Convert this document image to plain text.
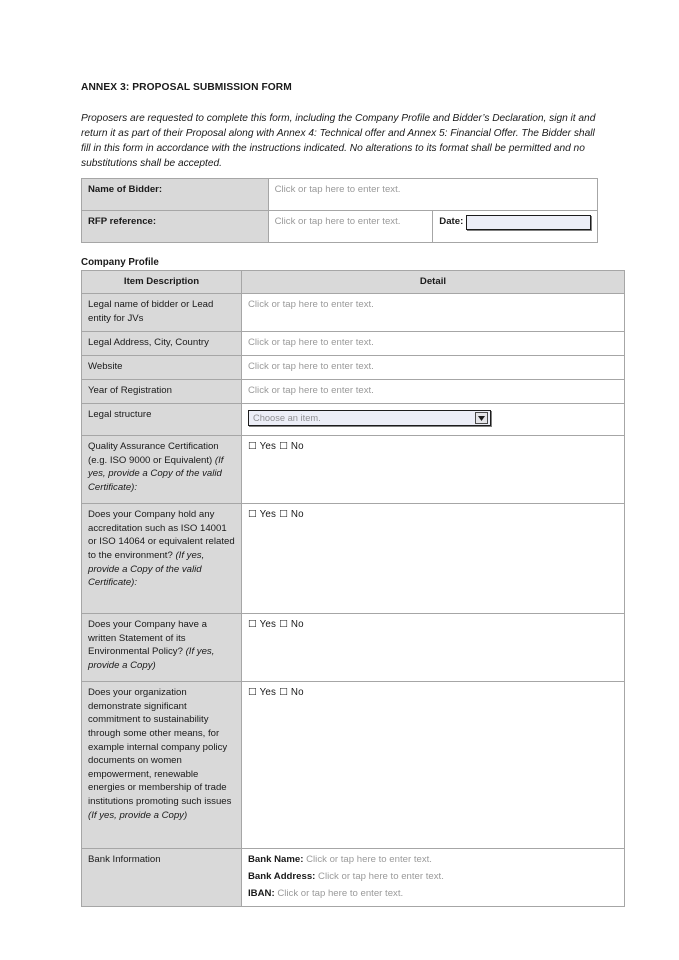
ANNEX 3: PROPOSAL SUBMISSION FORM

Proposers are requested to complete this form, including the Company Profile and Bidder’s Declaration, sign it and return it as part of their Proposal along with Annex 4: Technical offer and Annex 5: Financial Offer. The Bidder shall fill in this form in accordance with the instructions indicated. No alterations to its format shall be permitted and no substitutions shall be accepted.

Name of Bidder:	Click or tap here to enter text.	
RFP reference:	Click or tap here to enter text.	Date:
Company Profile
Item Description	Detail
Legal name of bidder or Lead entity for JVs	Click or tap here to enter text.
Legal Address, City, Country	Click or tap here to enter text.
Website	Click or tap here to enter text.
Year of Registration	Click or tap here to enter text.
Legal structure	Choose an item.

Quality Assurance Certification (e.g. ISO 9000 or Equivalent) (If yes, provide a Copy of the valid Certificate):	☐ Yes ☐ No
Does your Company hold any accreditation such as ISO 14001 or ISO 14064 or equivalent related to the environment? (If yes, provide a Copy of the valid Certificate):	☐ Yes ☐ No
Does your Company have a written Statement of its Environmental Policy? (If yes, provide a Copy)	☐ Yes ☐ No
Does your organization demonstrate significant commitment to sustainability through some other means, for example internal company policy documents on women empowerment, renewable energies or membership of trade institutions promoting such issues (If yes, provide a Copy)	☐ Yes ☐ No
Bank Information	Bank Name: Click or tap here to enter text.
Bank Address: Click or tap here to enter text.
IBAN: Click or tap here to enter text.
